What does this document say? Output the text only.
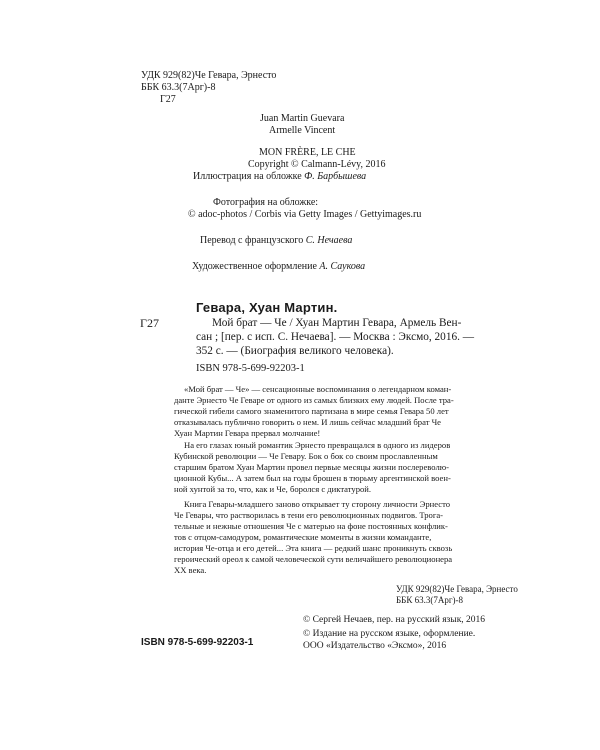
УДК 929(82)Че Гевара, Эрнесто
ББК 63.3(7Арг)-8
Г27
Juan Martin Guevara
Armelle Vincent
MON FRÈRE, LE CHE
Copyright © Calmann-Lévy, 2016
Иллюстрация на обложке Ф. Барбышева
Фотография на обложке:
© adoc-photos / Corbis via Getty Images / Gettyimages.ru
Перевод с французского С. Нечаева
Художественное оформление А. Саукова
Гевара, Хуан Мартин.
Г27	Мой брат — Че / Хуан Мартин Гевара, Армель Вен-
сан ; [пер. с исп. С. Нечаева]. — Москва : Эксмо, 2016. —
352 с. — (Биография великого человека).
ISBN 978-5-699-92203-1
«Мой брат — Че» — сенсационные воспоминания о легендарном коман-
данте Эрнесто Че Геваре от одного из самых близких ему людей. После тра-
гической гибели самого знаменитого партизана в мире семья Гевара 50 лет
отказывалась публично говорить о нем. И лишь сейчас младший брат Че
Хуан Мартин Гевара прервал молчание!
На его глазах юный романтик Эрнесто превращался в одного из лидеров
Кубинской революции — Че Гевару. Бок о бок со своим прославленным
старшим братом Хуан Мартин провел первые месяцы жизни послереволю-
ционной Кубы... А затем был на годы брошен в тюрьму аргентинской воен-
ной хунтой за то, что, как и Че, боролся с диктатурой.
Книга Гевары-младшего заново открывает ту сторону личности Эрнесто
Че Гевары, что растворилась в тени его революционных подвигов. Трога-
тельные и нежные отношения Че с матерью на фоне постоянных конфлик-
тов с отцом-самодуром, романтические моменты в жизни команданте,
история Че-отца и его детей... Эта книга — редкий шанс проникнуть сквозь
героический ореол к самой человеческой сути величайшего революционера
XX века.
УДК 929(82)Че Гевара, Эрнесто
ББК 63.3(7Арг)-8
ISBN 978-5-699-92203-1
© Сергей Нечаев, пер. на русский язык, 2016
© Издание на русском языке, оформление.
ООО «Издательство «Эксмо», 2016
